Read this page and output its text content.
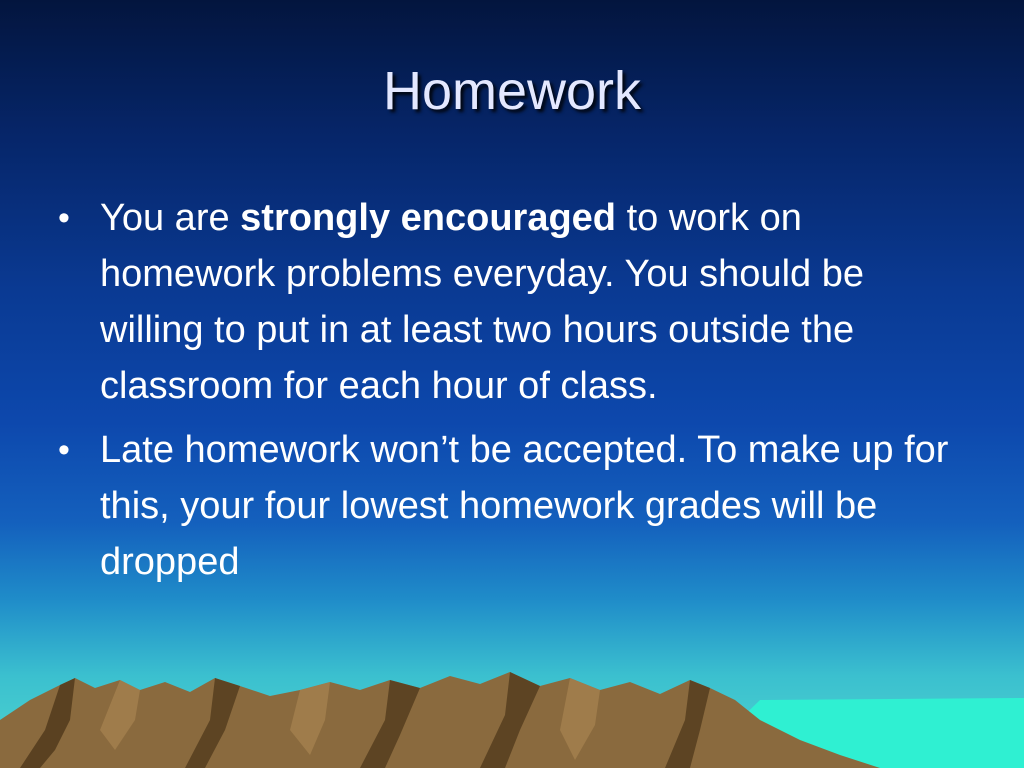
Homework
• You are strongly encouraged to work on homework problems everyday. You should be willing to put in at least two hours outside the classroom for each hour of class.
• Late homework won’t be accepted. To make up for this, your four lowest homework grades will be dropped
